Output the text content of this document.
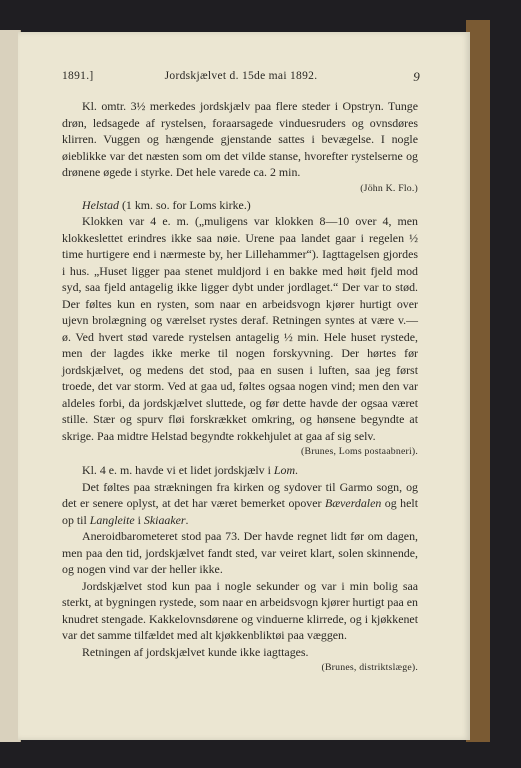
1891.]	Jordskjælvet d. 15de mai 1892.	9

Kl. omtr. 3½ merkedes jordskjælv paa flere steder i Opstryn. Tunge drøn, ledsagede af rystelsen, foraarsagede vinduesruders og ovnsdøres klirren. Vuggen og hængende gjenstande sattes i bevægelse. I nogle øieblikke var det næsten som om det vilde stanse, hvorefter rystelserne og drønene øgede i styrke. Det hele varede ca. 2 min.

(Jöhn K. Flo.)

Helstad (1 km. so. for Loms kirke.)

Klokken var 4 e. m. („muligens var klokken 8—10 over 4, men klokkeslettet erindres ikke saa nøie. Urene paa landet gaar i regelen ½ time hurtigere end i nærmeste by, her Lillehammer“). Iagttagelsen gjordes i hus. „Huset ligger paa stenet muldjord i en bakke med høit fjeld mod syd, saa fjeld antagelig ikke ligger dybt under jordlaget.“ Der var to stød. Der føltes kun en rysten, som naar en arbeidsvogn kjører hurtigt over ujevn brolægning og værelset rystes deraf. Retningen syntes at være v.—ø. Ved hvert stød varede rystelsen antagelig ½ min. Hele huset rystede, men der lagdes ikke merke til nogen forskyvning. Der hørtes før jordskjælvet, og medens det stod, paa en susen i luften, saa jeg først troede, det var storm. Ved at gaa ud, føltes ogsaa nogen vind; men den var aldeles forbi, da jordskjælvet sluttede, og før dette havde der ogsaa været stille. Stær og spurv fløi forskrækket omkring, og hønsene begyndte at skrige. Paa midtre Helstad begyndte rokkehjulet at gaa af sig selv.

(Brunes, Loms postaabneri).

Kl. 4 e. m. havde vi et lidet jordskjælv i Lom.

Det føltes paa strækningen fra kirken og sydover til Garmo sogn, og det er senere oplyst, at det har været bemerket opover Bæverdalen og helt op til Langleite i Skiaaker.

Aneroidbarometeret stod paa 73. Der havde regnet lidt før om dagen, men paa den tid, jordskjælvet fandt sted, var veiret klart, solen skinnende, og nogen vind var der heller ikke.

Jordskjælvet stod kun paa i nogle sekunder og var i min bolig saa sterkt, at bygningen rystede, som naar en arbeidsvogn kjører hurtigt paa en knudret stengade. Kakkelovnsdørene og vinduerne klirrede, og i kjøkkenet var det samme tilfældet med alt kjøkkenbliktøi paa væggen.

Retningen af jordskjælvet kunde ikke iagttages.

(Brunes, distriktslæge).
